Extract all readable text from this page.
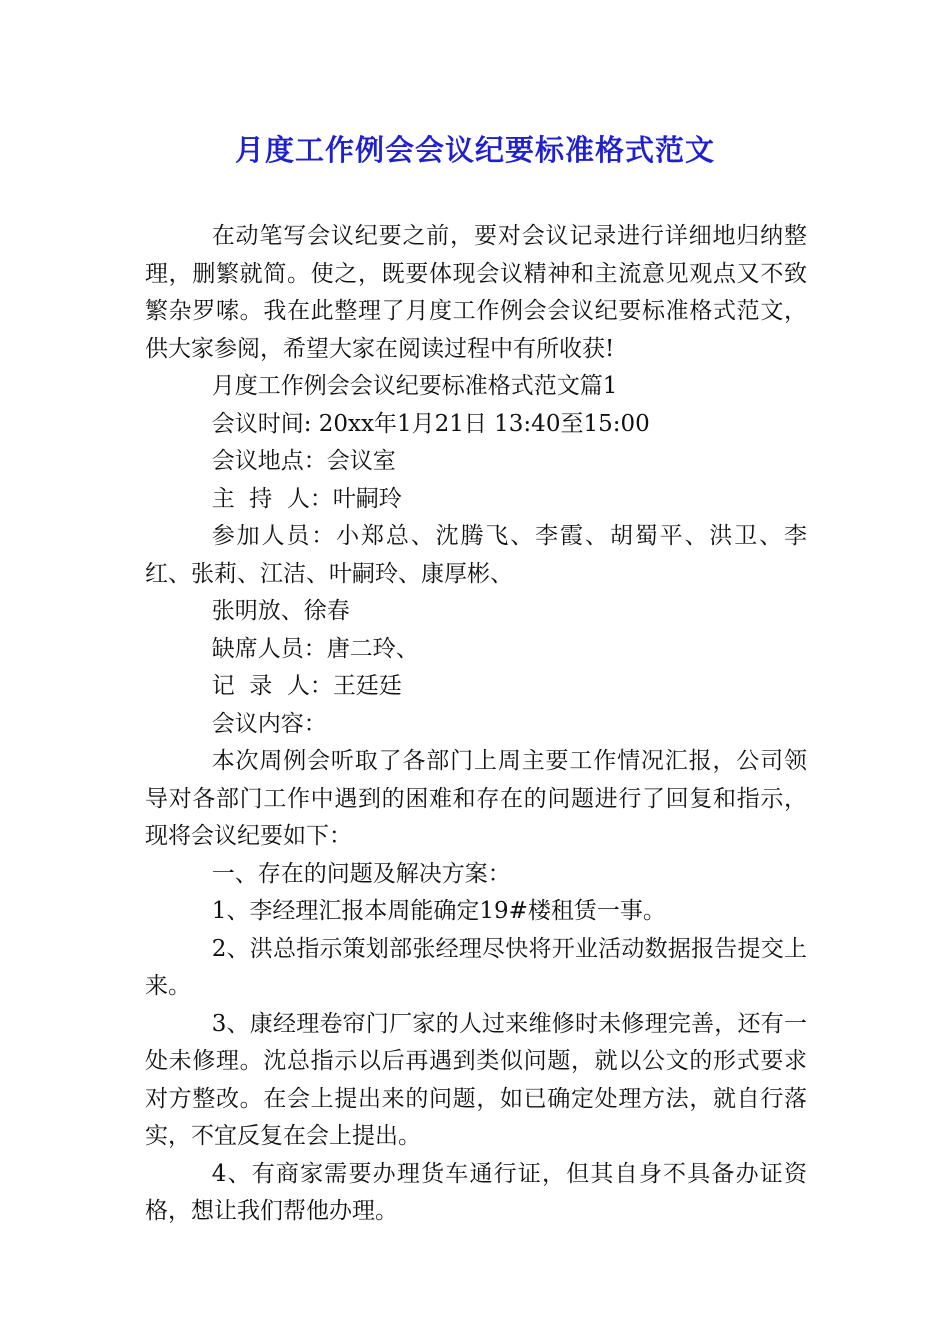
月度工作例会会议纪要标准格式范文

在动笔写会议纪要之前，要对会议记录进行详细地归纳整理，删繁就简。使之，既要体现会议精神和主流意见观点又不致繁杂罗嗦。我在此整理了月度工作例会会议纪要标准格式范文，供大家参阅，希望大家在阅读过程中有所收获!

月度工作例会会议纪要标准格式范文篇1

会议时间: 20xx年1月21日 13:40至15:00

会议地点：会议室

主  持  人：叶嗣玲

参加人员：小郑总、沈腾飞、李霞、胡蜀平、洪卫、李红、张莉、江洁、叶嗣玲、康厚彬、

张明放、徐春

缺席人员：唐二玲、

记  录  人：王廷廷

会议内容：

本次周例会听取了各部门上周主要工作情况汇报，公司领导对各部门工作中遇到的困难和存在的问题进行了回复和指示，现将会议纪要如下：

一、存在的问题及解决方案：

1、李经理汇报本周能确定19#楼租赁一事。

2、洪总指示策划部张经理尽快将开业活动数据报告提交上来。

3、康经理卷帘门厂家的人过来维修时未修理完善，还有一处未修理。沈总指示以后再遇到类似问题，就以公文的形式要求对方整改。在会上提出来的问题，如已确定处理方法，就自行落实，不宜反复在会上提出。

4、有商家需要办理货车通行证，但其自身不具备办证资格，想让我们帮他办理。
